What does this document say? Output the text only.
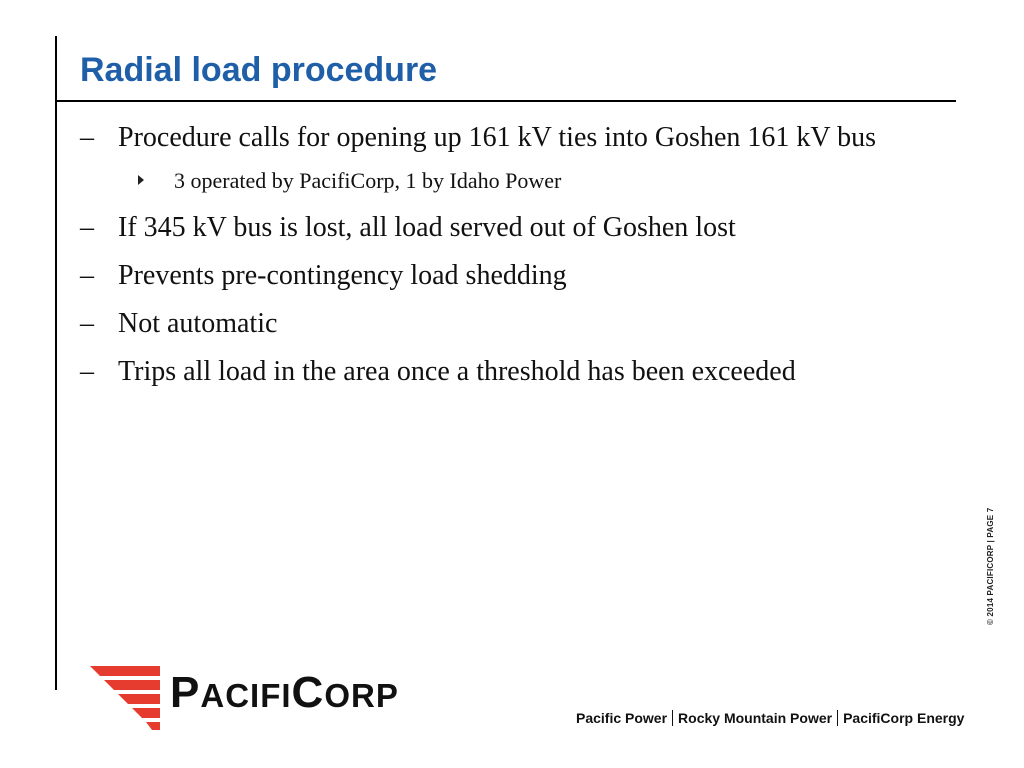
Radial load procedure
– Procedure calls for opening up 161 kV ties into Goshen 161 kV bus
3 operated by PacifiCorp, 1 by Idaho Power
– If 345 kV bus is lost, all load served out of Goshen lost
– Prevents pre-contingency load shedding
– Not automatic
– Trips all load in the area once a threshold has been exceeded
© 2014 PACIFICORP | PAGE 7
PACIFICORP
Pacific Power Rocky Mountain Power PacifiCorp Energy
